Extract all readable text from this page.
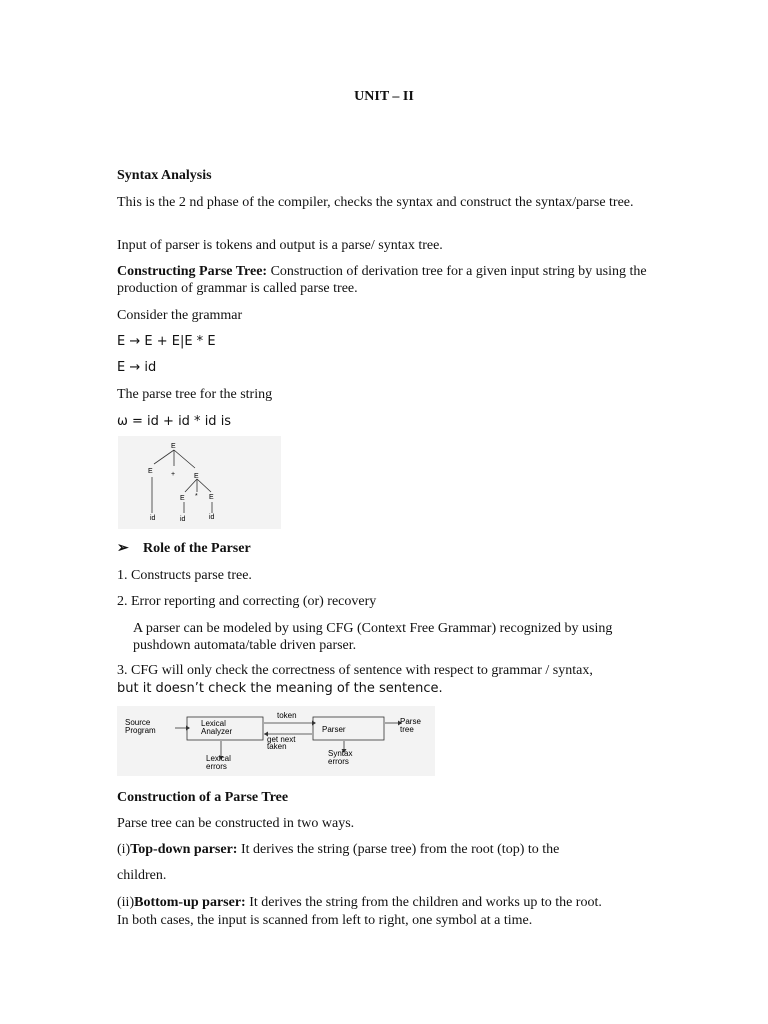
UNIT – II
Syntax Analysis
This is the 2 nd phase of the compiler, checks the syntax and construct the syntax/parse tree.
Input of parser is tokens and output is a parse/ syntax tree.
Constructing Parse Tree: Construction of derivation tree for a given input string by using the production of grammar is called parse tree.
Consider the grammar
E → E + E|E * E
E → id
The parse tree for the string
ω = id + id * id is
E
E	+	E
E * E
id	id	id
➢ Role of the Parser
1. Constructs parse tree.
2. Error reporting and correcting (or) recovery
A parser can be modeled by using CFG (Context Free Grammar) recognized by using pushdown automata/table driven parser.
3. CFG will only check the correctness of sentence with respect to grammar / syntax,
but it doesn’t check the meaning of the sentence.
Source
Program
Lexical
Analyzer
token
Parser
Parse
tree
get next
taken
Lexical
errors
Syntax
errors
Construction of a Parse Tree
Parse tree can be constructed in two ways.
(i)Top-down parser: It derives the string (parse tree) from the root (top) to the
children.
(ii)Bottom-up parser: It derives the string from the children and works up to the root.
In both cases, the input is scanned from left to right, one symbol at a time.
